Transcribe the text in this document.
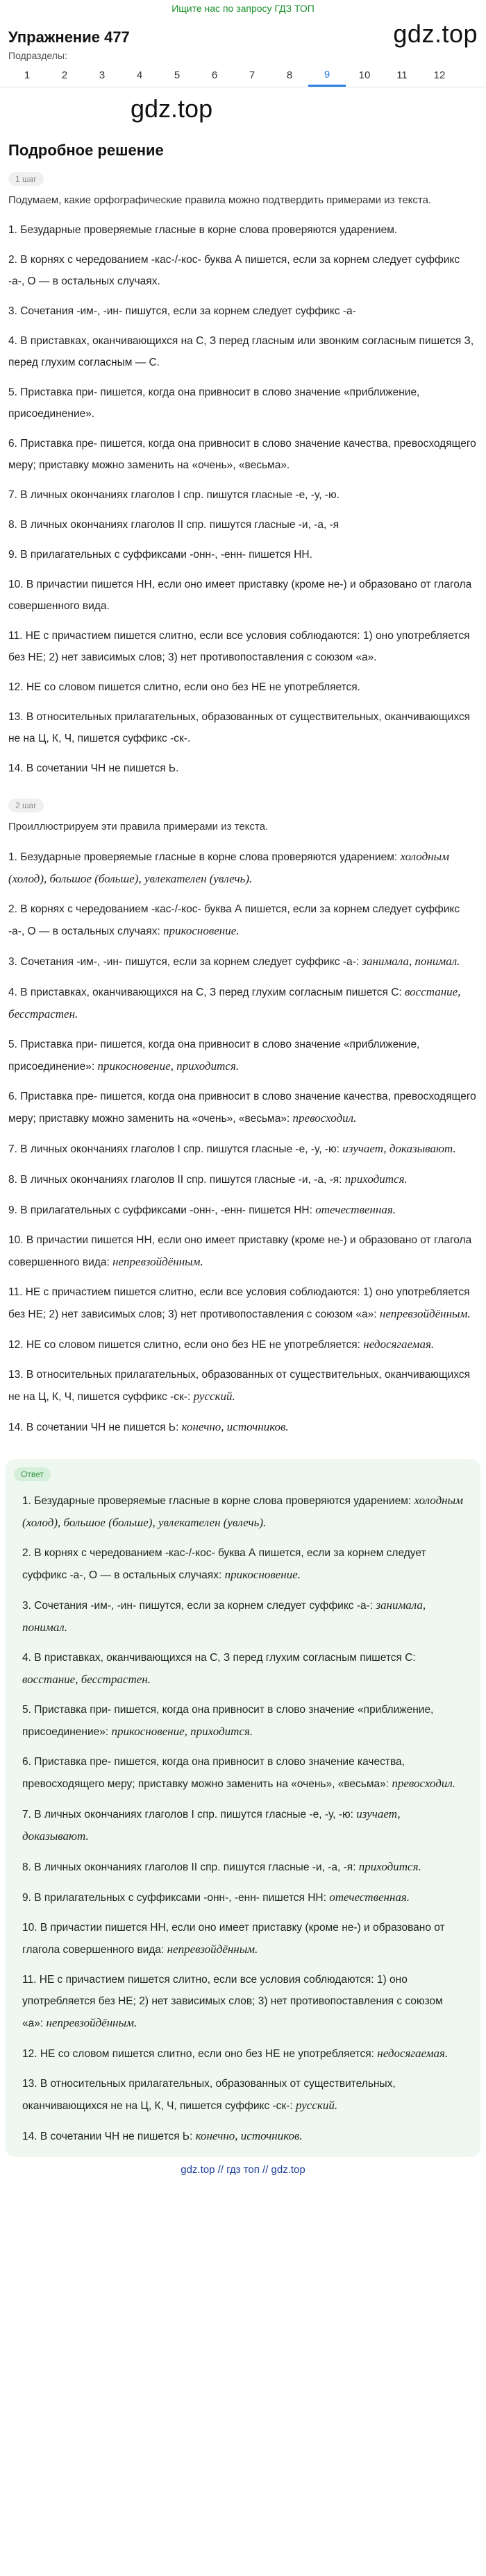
Ищите нас по запросу ГДЗ ТОП
Упражнение 477	gdz.top
Подразделы:
1	2	3	4	5	6	7	8	9	10	11	12
gdz.top
Подробное решение
1 шаг
Подумаем, какие орфографические правила можно подтвердить примерами из текста.
1. Безударные проверяемые гласные в корне слова проверяются ударением.
2. В корнях с чередованием -кас-/-кос- буква А пишется, если за корнем следует суффикс -а-, О — в остальных случаях.
3. Сочетания -им-, -ин- пишутся, если за корнем следует суффикс -а-
4. В приставках, оканчивающихся на С, З перед гласным или звонким согласным пишется З, перед глухим согласным — С.
5. Приставка при- пишется, когда она привносит в слово значение «приближение, присоединение».
6. Приставка пре- пишется, когда она привносит в слово значение качества, превосходящего меру; приставку можно заменить на «очень», «весьма».
7. В личных окончаниях глаголов I спр. пишутся гласные -е, -у, -ю.
8. В личных окончаниях глаголов II спр. пишутся гласные -и, -а, -я
9. В прилагательных с суффиксами -онн-, -енн- пишется НН.
10. В причастии пишется НН, если оно имеет приставку (кроме не-) и образовано от глагола совершенного вида.
11. НЕ с причастием пишется слитно, если все условия соблюдаются: 1) оно употребляется без НЕ; 2) нет зависимых слов; 3) нет противопоставления с союзом «а».
12. НЕ со словом пишется слитно, если оно без НЕ не употребляется.
13. В относительных прилагательных, образованных от существительных, оканчивающихся не на Ц, К, Ч, пишется суффикс -ск-.
14. В сочетании ЧН не пишется Ь.
2 шаг
Проиллюстрируем эти правила примерами из текста.
1. Безударные проверяемые гласные в корне слова проверяются ударением: холодным (холод), большое (больше), увлекателен (увлечь).
2. В корнях с чередованием -кас-/-кос- буква А пишется, если за корнем следует суффикс -а-, О — в остальных случаях: прикосновение.
3. Сочетания -им-, -ин- пишутся, если за корнем следует суффикс -а-: занимала, понимал.
4. В приставках, оканчивающихся на С, З перед глухим согласным пишется С: восстание, бесстрастен.
5. Приставка при- пишется, когда она привносит в слово значение «приближение, присоединение»: прикосновение, приходится.
6. Приставка пре- пишется, когда она привносит в слово значение качества, превосходящего меру; приставку можно заменить на «очень», «весьма»: превосходил.
7. В личных окончаниях глаголов I спр. пишутся гласные -е, -у, -ю: изучает, доказывают.
8. В личных окончаниях глаголов II спр. пишутся гласные -и, -а, -я: приходится.
9. В прилагательных с суффиксами -онн-, -енн- пишется НН: отечественная.
10. В причастии пишется НН, если оно имеет приставку (кроме не-) и образовано от глагола совершенного вида: непревзойдённым.
11. НЕ с причастием пишется слитно, если все условия соблюдаются: 1) оно употребляется без НЕ; 2) нет зависимых слов; 3) нет противопоставления с союзом «а»: непревзойдённым.
12. НЕ со словом пишется слитно, если оно без НЕ не употребляется: недосягаемая.
13. В относительных прилагательных, образованных от существительных, оканчивающихся не на Ц, К, Ч, пишется суффикс -ск-: русский.
14. В сочетании ЧН не пишется Ь: конечно, источников.
Ответ
1. Безударные проверяемые гласные в корне слова проверяются ударением: холодным (холод), большое (больше), увлекателен (увлечь).
2. В корнях с чередованием -кас-/-кос- буква А пишется, если за корнем следует суффикс -а-, О — в остальных случаях: прикосновение.
3. Сочетания -им-, -ин- пишутся, если за корнем следует суффикс -а-: занимала, понимал.
4. В приставках, оканчивающихся на С, З перед глухим согласным пишется С: восстание, бесстрастен.
5. Приставка при- пишется, когда она привносит в слово значение «приближение, присоединение»: прикосновение, приходится.
6. Приставка пре- пишется, когда она привносит в слово значение качества, превосходящего меру; приставку можно заменить на «очень», «весьма»: превосходил.
7. В личных окончаниях глаголов I спр. пишутся гласные -е, -у, -ю: изучает, доказывают.
8. В личных окончаниях глаголов II спр. пишутся гласные -и, -а, -я: приходится.
9. В прилагательных с суффиксами -онн-, -енн- пишется НН: отечественная.
10. В причастии пишется НН, если оно имеет приставку (кроме не-) и образовано от глагола совершенного вида: непревзойдённым.
11. НЕ с причастием пишется слитно, если все условия соблюдаются: 1) оно употребляется без НЕ; 2) нет зависимых слов; 3) нет противопоставления с союзом «а»: непревзойдённым.
12. НЕ со словом пишется слитно, если оно без НЕ не употребляется: недосягаемая.
13. В относительных прилагательных, образованных от существительных, оканчивающихся не на Ц, К, Ч, пишется суффикс -ск-: русский.
14. В сочетании ЧН не пишется Ь: конечно, источников.
gdz.top // гдз топ // gdz.top
